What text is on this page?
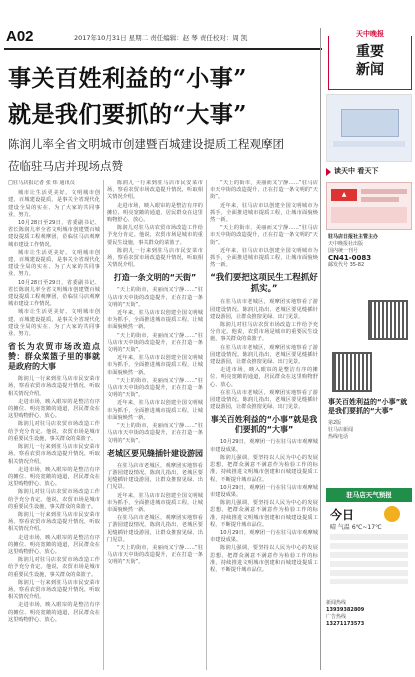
A02	2017年10月31日 星期二 责任编辑：赵 琴 责任校对：周 凯
事关百姓利益的“小事”
就是我们要抓的“大事”
陈润儿率全省文明城市创建暨百城建设提质工程观摩团
莅临驻马店并现场点赞

□驻马店报记者 张 炜 通讯员

城市让生活更美好。文明城市创建、百城建设提质，是事关全省现代化建设全局的实在、为了大家的共同事业，努力。

10月28日至29日，省委副书记、省长陈润儿率全省文明城市创建暨百城建设提质工程观摩团，莅临驻马店观摩城市建设工作情况。

城市让生活更美好。文明城市创建、百城建设提质，是事关全省现代化建设全局的实在、为了大家的共同事业，努力。

10月28日至29日，省委副书记、省长陈润儿率全省文明城市创建暨百城建设提质工程观摩团，莅临驻马店观摩城市建设工作情况。

城市让生活更美好。文明城市创建、百城建设提质，是事关全省现代化建设全局的实在、为了大家的共同事业，努力。

省长为农贸市场改造点赞：群众菜篮子里的事就是政府的大事

陈润儿一行来到驻马店市民安菜市场，察看农贸市场改造提升情况，听取相关情况介绍。

走进市场，映入眼帘的是整洁有序的摊位、明亮宽敞的通道，居民群众在这里购物舒心、放心。

陈润儿对驻马店农贸市场改造工作给予充分肯定。他说，农贸市场是城市的重要民生设施，事关群众的菜篮子。

陈润儿一行来到驻马店市民安菜市场，察看农贸市场改造提升情况，听取相关情况介绍。

走进市场，映入眼帘的是整洁有序的摊位、明亮宽敞的通道，居民群众在这里购物舒心、放心。

陈润儿对驻马店农贸市场改造工作给予充分肯定。他说，农贸市场是城市的重要民生设施，事关群众的菜篮子。

陈润儿一行来到驻马店市民安菜市场，察看农贸市场改造提升情况，听取相关情况介绍。

走进市场，映入眼帘的是整洁有序的摊位、明亮宽敞的通道，居民群众在这里购物舒心、放心。

陈润儿对驻马店农贸市场改造工作给予充分肯定。他说，农贸市场是城市的重要民生设施，事关群众的菜篮子。

陈润儿一行来到驻马店市民安菜市场，察看农贸市场改造提升情况，听取相关情况介绍。

走进市场，映入眼帘的是整洁有序的摊位、明亮宽敞的通道，居民群众在这里购物舒心、放心。

陈润儿一行来到驻马店市民安菜市场，察看农贸市场改造提升情况，听取相关情况介绍。

走进市场，映入眼帘的是整洁有序的摊位、明亮宽敞的通道，居民群众在这里购物舒心、放心。

陈润儿对驻马店农贸市场改造工作给予充分肯定。他说，农贸市场是城市的重要民生设施，事关群众的菜篮子。

陈润儿一行来到驻马店市民安菜市场，察看农贸市场改造提升情况，听取相关情况介绍。

打造一条文明的“天街”

“天上的街市，美丽而又宁静……”驻马店市天中街的改造提升，正在打造一条文明的“天街”。

近年来，驻马店市以创建全国文明城市为抓手，全面推进城市提质工程，让城市面貌焕然一新。

“天上的街市，美丽而又宁静……”驻马店市天中街的改造提升，正在打造一条文明的“天街”。

近年来，驻马店市以创建全国文明城市为抓手，全面推进城市提质工程，让城市面貌焕然一新。

“天上的街市，美丽而又宁静……”驻马店市天中街的改造提升，正在打造一条文明的“天街”。

近年来，驻马店市以创建全国文明城市为抓手，全面推进城市提质工程，让城市面貌焕然一新。

“天上的街市，美丽而又宁静……”驻马店市天中街的改造提升，正在打造一条文明的“天街”。

老城区要见缝插针建设游园

在驻马店市老城区，观摩团实地察看了游园建设情况。陈润儿指出，老城区要见缝插针建设游园，让群众推窗见绿、出门见景。

近年来，驻马店市以创建全国文明城市为抓手，全面推进城市提质工程，让城市面貌焕然一新。

在驻马店市老城区，观摩团实地察看了游园建设情况。陈润儿指出，老城区要见缝插针建设游园，让群众推窗见绿、出门见景。

“天上的街市，美丽而又宁静……”驻马店市天中街的改造提升，正在打造一条文明的“天街”。

“天上的街市，美丽而又宁静……”驻马店市天中街的改造提升，正在打造一条文明的“天街”。

近年来，驻马店市以创建全国文明城市为抓手，全面推进城市提质工程，让城市面貌焕然一新。

“天上的街市，美丽而又宁静……”驻马店市天中街的改造提升，正在打造一条文明的“天街”。

近年来，驻马店市以创建全国文明城市为抓手，全面推进城市提质工程，让城市面貌焕然一新。

“我们要把这项民生工程抓好抓实。”

在驻马店市老城区，观摩团实地察看了游园建设情况。陈润儿指出，老城区要见缝插针建设游园，让群众推窗见绿、出门见景。

陈润儿对驻马店农贸市场改造工作给予充分肯定。他说，农贸市场是城市的重要民生设施，事关群众的菜篮子。

在驻马店市老城区，观摩团实地察看了游园建设情况。陈润儿指出，老城区要见缝插针建设游园，让群众推窗见绿、出门见景。

走进市场，映入眼帘的是整洁有序的摊位、明亮宽敞的通道，居民群众在这里购物舒心、放心。

在驻马店市老城区，观摩团实地察看了游园建设情况。陈润儿指出，老城区要见缝插针建设游园，让群众推窗见绿、出门见景。

事关百姓利益的“小事”就是我们要抓的“大事”

10月29日，观摩团一行在驻马店市观摩城市建设成果。

陈润儿强调，要坚持以人民为中心的发展思想，把群众满意不满意作为检验工作的标准，持续推进文明城市创建和百城建设提质工程，不断提升城市品位。

10月29日，观摩团一行在驻马店市观摩城市建设成果。

陈润儿强调，要坚持以人民为中心的发展思想，把群众满意不满意作为检验工作的标准，持续推进文明城市创建和百城建设提质工程，不断提升城市品位。

10月29日，观摩团一行在驻马店市观摩城市建设成果。

陈润儿强调，要坚持以人民为中心的发展思想，把群众满意不满意作为检验工作的标准，持续推进文明城市创建和百城建设提质工程，不断提升城市品位。

天中晚报
重要
新闻
读天中 看天下
▲
驻马店日报社主管主办
天中晚报社出版
国内统一刊号
CN41-0083
邮发代号 35-82
事关百姓利益的“小事”就是我们要抓的“大事”
第2版
驻马店新闻
热线电话
驻马店天气预报
今日
晴 气温 6℃~17℃
新闻热线
13939382809
广告热线
13271173573
